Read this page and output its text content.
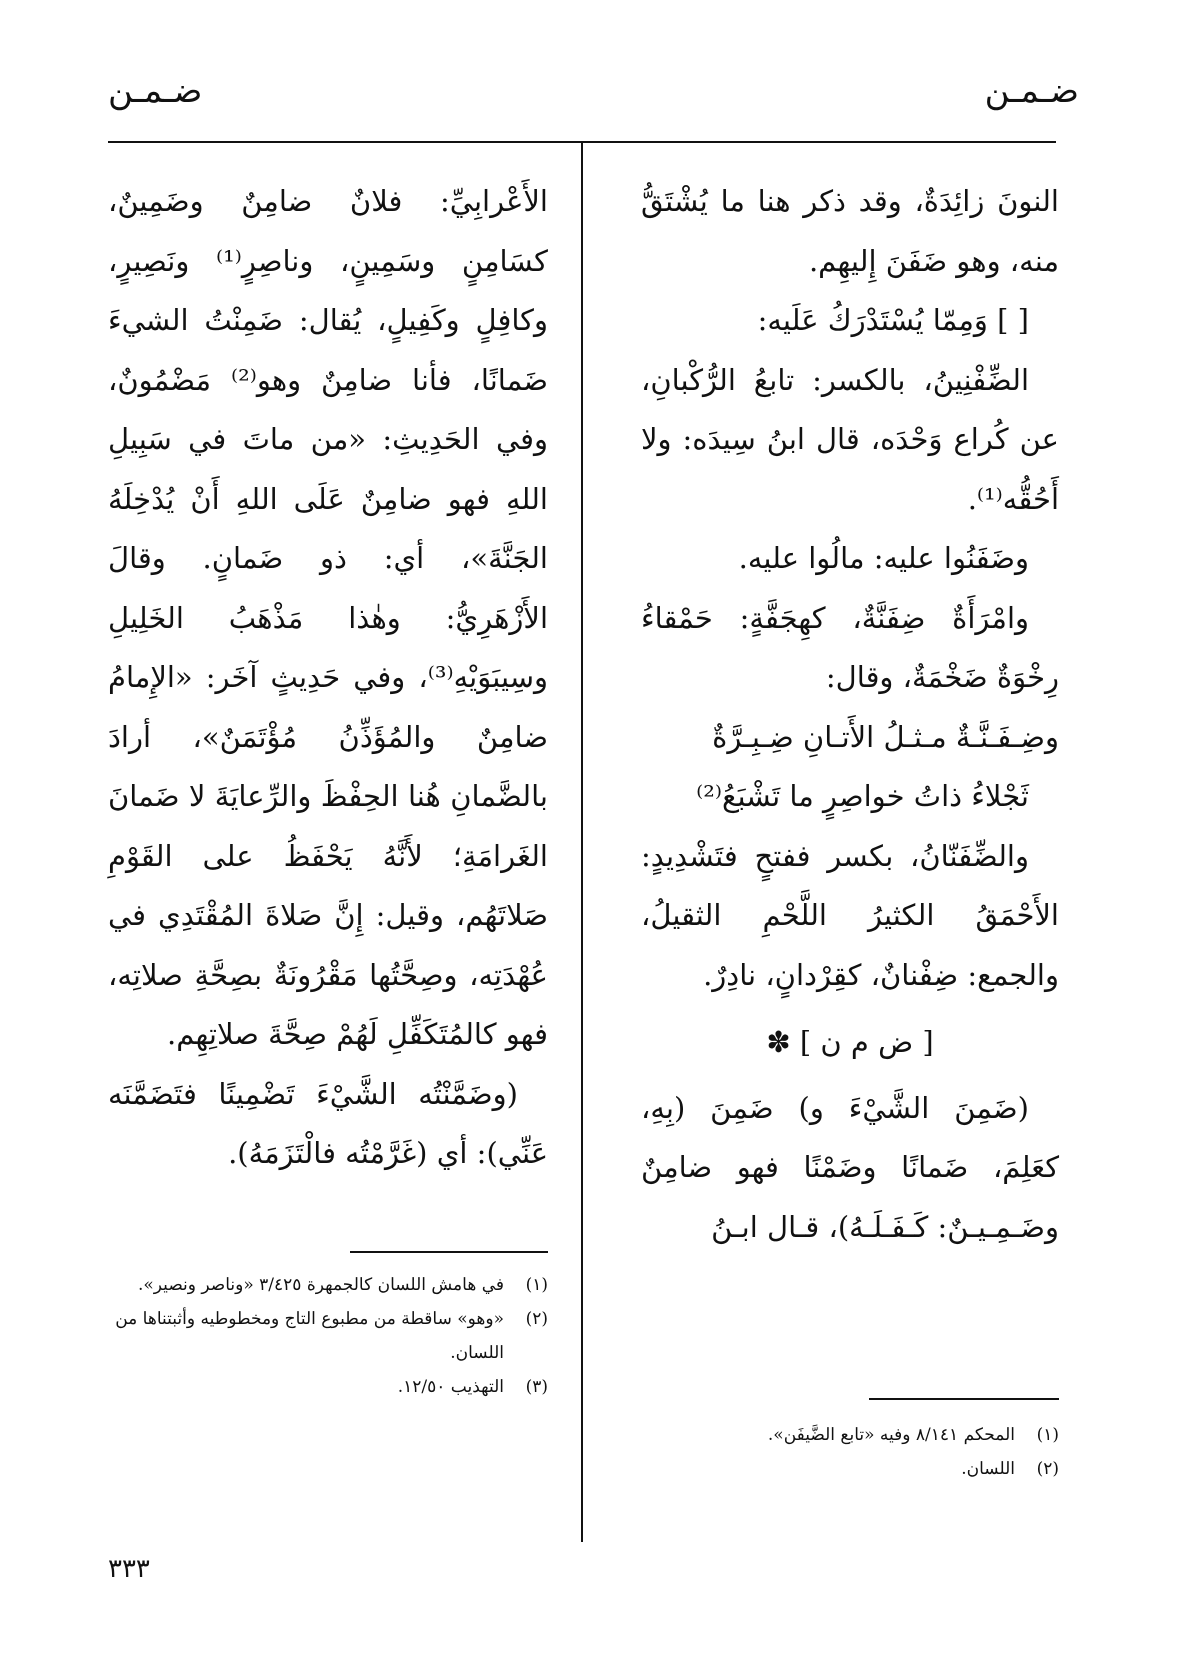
ضـمـن
ضـمـن

النونَ زائِدَةٌ، وقد ذكر هنا ما يُشْتَقُّ منه، وهو ضَفَنَ إِليهِم.

[ ] وَمِمّا يُسْتَدْرَكُ عَلَيه:

الضِّفْنِينُ، بالكسر: تابعُ الرُّكْبانِ، عن كُراع وَحْدَه، قال ابنُ سِيدَه: ولا أَحُقُّه⁽¹⁾.

وضَفَنُوا عليه: مالُوا عليه.

وامْرَأَةٌ ضِفَنَّةٌ، كهِجَفَّةٍ: حَمْقاءُ رِخْوَةٌ ضَخْمَةٌ، وقال:

وضِـفَـنَّـةٌ مـثـلُ الأَتـانِ ضِـبِـرَّةٌ

ثَجْلاءُ ذاتُ خواصِرٍ ما تَشْبَعُ⁽²⁾

والضِّفَنّانُ، بكسر ففتحٍ فتَشْدِيدٍ: الأَحْمَقُ الكثيرُ اللَّحْمِ الثقيلُ، والجمع: ضِفْنانٌ، كقِرْدانٍ، نادِرٌ.

[ ض م ن ] ✽

(ضَمِنَ الشَّيْءَ و) ضَمِنَ (بِهِ، كعَلِمَ، ضَمانًا وضَمْنًا فهو ضامِنٌ وضَـمِـيـنٌ: كَـفَـلَـهُ)، قـال ابـنُ

الأَعْرابِيِّ: فلانٌ ضامِنٌ وضَمِينٌ، كسَامِنٍ وسَمِينٍ، وناصِرٍ⁽¹⁾ ونَصِيرٍ، وكافِلٍ وكَفِيلٍ، يُقال: ضَمِنْتُ الشيءَ ضَمانًا، فأنا ضامِنٌ وهو⁽²⁾ مَضْمُونٌ، وفي الحَدِيثِ: «من ماتَ في سَبِيلِ اللهِ فهو ضامِنٌ عَلَى اللهِ أَنْ يُدْخِلَهُ الجَنَّةَ»، أي: ذو ضَمانٍ. وقالَ الأَزْهَرِيُّ: وهٰذا مَذْهَبُ الخَلِيلِ وسِيبَوَيْهِ⁽³⁾، وفي حَدِيثٍ آخَر: «الإِمامُ ضامِنٌ والمُؤَذِّنُ مُؤْتَمَنٌ»، أرادَ بالضَّمانِ هُنا الحِفْظَ والرِّعايَةَ لا ضَمانَ الغَرامَةِ؛ لأَنَّهُ يَحْفَظُ على القَوْمِ صَلاتَهُم، وقيل: إِنَّ صَلاةَ المُقْتَدِي في عُهْدَتِه، وصِحَّتُها مَقْرُونَةٌ بصِحَّةِ صلاتِه، فهو كالمُتَكَفِّلِ لَهُمْ صِحَّةَ صلاتِهِم.

(وضَمَّنْتُه الشَّيْءَ تَضْمِينًا فتَضَمَّنَه عَنِّي): أي (غَرَّمْتُه فالْتَزَمَهُ).

(١)
المحكم ٨/١٤١ وفيه «تابع الضَّيفَن».
(٢)
اللسان.
(١)
في هامش اللسان كالجمهرة ٣/٤٢٥ «وناصر ونصير».
(٢)
«وهو» ساقطة من مطبوع التاج ومخطوطيه وأثبتناها من اللسان.
(٣)
التهذيب ١٢/٥٠.
٣٣٣
